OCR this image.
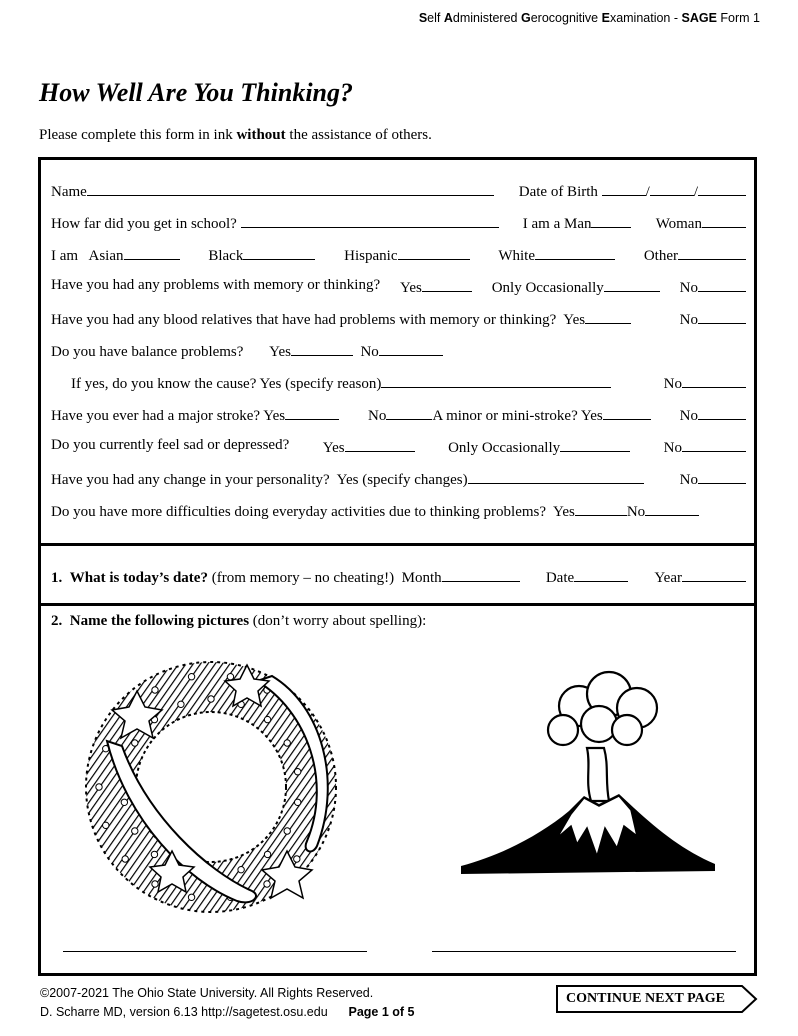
Self Administered Gerocognitive Examination - SAGE Form 1
How Well Are You Thinking?
Please complete this form in ink without the assistance of others.
Name	Date of Birth	/	/
How far did you get in school?	I am a Man	Woman
I am Asian	Black	Hispanic	White	Other
Have you had any problems with memory or thinking? Yes	Only Occasionally	No
Have you had any blood relatives that have had problems with memory or thinking? Yes	No
Do you have balance problems? Yes	No
If yes, do you know the cause? Yes (specify reason)	No
Have you ever had a major stroke? Yes	No	A minor or mini-stroke? Yes	No
Do you currently feel sad or depressed? Yes	Only Occasionally	No
Have you had any change in your personality? Yes (specify changes)	No
Do you have more difficulties doing everyday activities due to thinking problems? Yes	No
1. What is today’s date? (from memory – no cheating!) Month	Date	Year
2. Name the following pictures (don’t worry about spelling):
©2007-2021 The Ohio State University. All Rights Reserved.
D. Scharre MD, version 6.13 http://sagetest.osu.edu Page 1 of 5
CONTINUE NEXT PAGE
